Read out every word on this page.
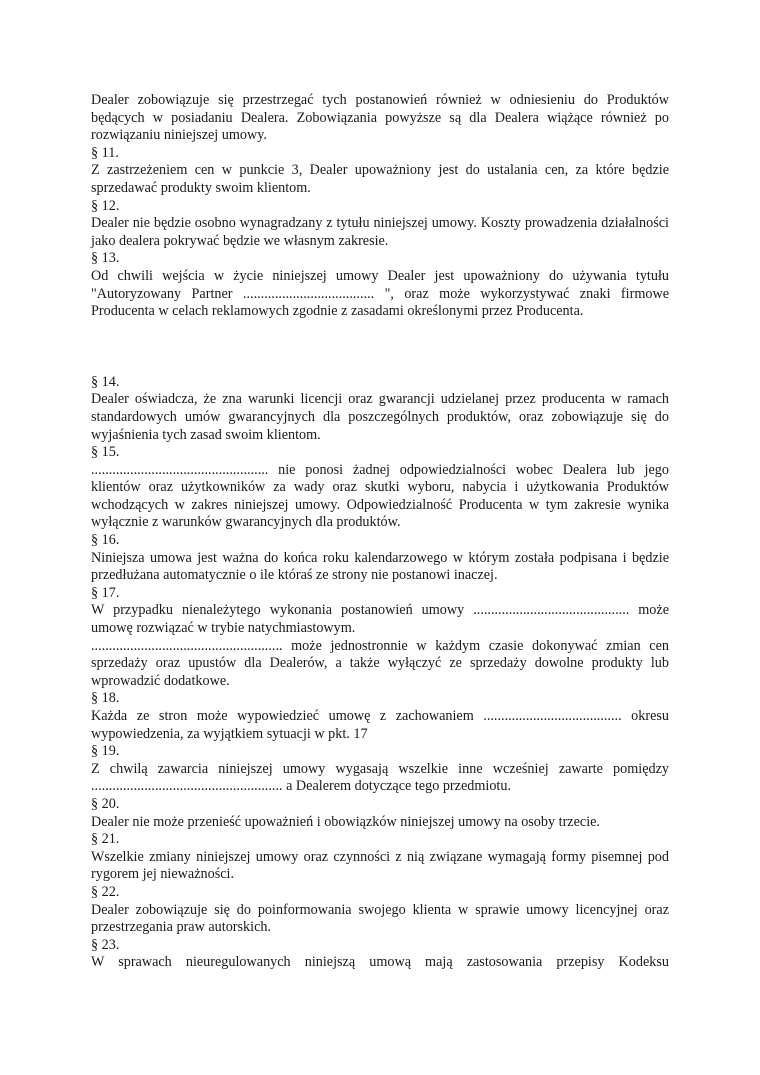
Dealer zobowiązuje się przestrzegać tych postanowień również w odniesieniu do Produktów będących w posiadaniu Dealera. Zobowiązania powyższe są dla Dealera wiążące również po rozwiązaniu niniejszej umowy.

§ 11.

Z zastrzeżeniem cen w punkcie 3, Dealer upoważniony jest do ustalania cen, za które będzie sprzedawać produkty swoim klientom.

§ 12.

Dealer nie będzie osobno wynagradzany z tytułu niniejszej umowy. Koszty prowadzenia działalności jako dealera pokrywać będzie we własnym zakresie.

§ 13.

Od chwili wejścia w życie niniejszej umowy Dealer jest upoważniony do używania tytułu "Autoryzowany Partner ..................................... ", oraz może wykorzystywać znaki firmowe Producenta w celach reklamowych zgodnie z zasadami określonymi przez Producenta.

§ 14.

Dealer oświadcza, że zna warunki licencji oraz gwarancji udzielanej przez producenta w ramach standardowych umów gwarancyjnych dla poszczególnych produktów, oraz zobowiązuje się do wyjaśnienia tych zasad swoim klientom.

§ 15.

.................................................. nie ponosi żadnej odpowiedzialności wobec Dealera lub jego klientów oraz użytkowników za wady oraz skutki wyboru, nabycia i użytkowania Produktów wchodzących w zakres niniejszej umowy. Odpowiedzialność Producenta w tym zakresie wynika wyłącznie z warunków gwarancyjnych dla produktów.

§ 16.

Niniejsza umowa jest ważna do końca roku kalendarzowego w którym została podpisana i będzie przedłużana automatycznie o ile któraś ze strony nie postanowi inaczej.

§ 17.

W przypadku nienależytego wykonania postanowień umowy ............................................ może umowę rozwiązać w trybie natychmiastowym.

...................................................... może jednostronnie w każdym czasie dokonywać zmian cen sprzedaży oraz upustów dla Dealerów, a także wyłączyć ze sprzedaży dowolne produkty lub wprowadzić dodatkowe.

§ 18.

Każda ze stron może wypowiedzieć umowę z zachowaniem ....................................... okresu wypowiedzenia, za wyjątkiem sytuacji w pkt. 17

§ 19.

Z chwilą zawarcia niniejszej umowy wygasają wszelkie inne wcześniej zawarte pomiędzy ...................................................... a Dealerem dotyczące tego przedmiotu.

§ 20.

Dealer nie może przenieść upoważnień i obowiązków niniejszej umowy na osoby trzecie.

§ 21.

Wszelkie zmiany niniejszej umowy oraz czynności z nią związane wymagają formy pisemnej pod rygorem jej nieważności.

§ 22.

Dealer zobowiązuje się do poinformowania swojego klienta w sprawie umowy licencyjnej oraz przestrzegania praw autorskich.

§ 23.

W sprawach nieuregulowanych niniejszą umową mają zastosowania przepisy Kodeksu
